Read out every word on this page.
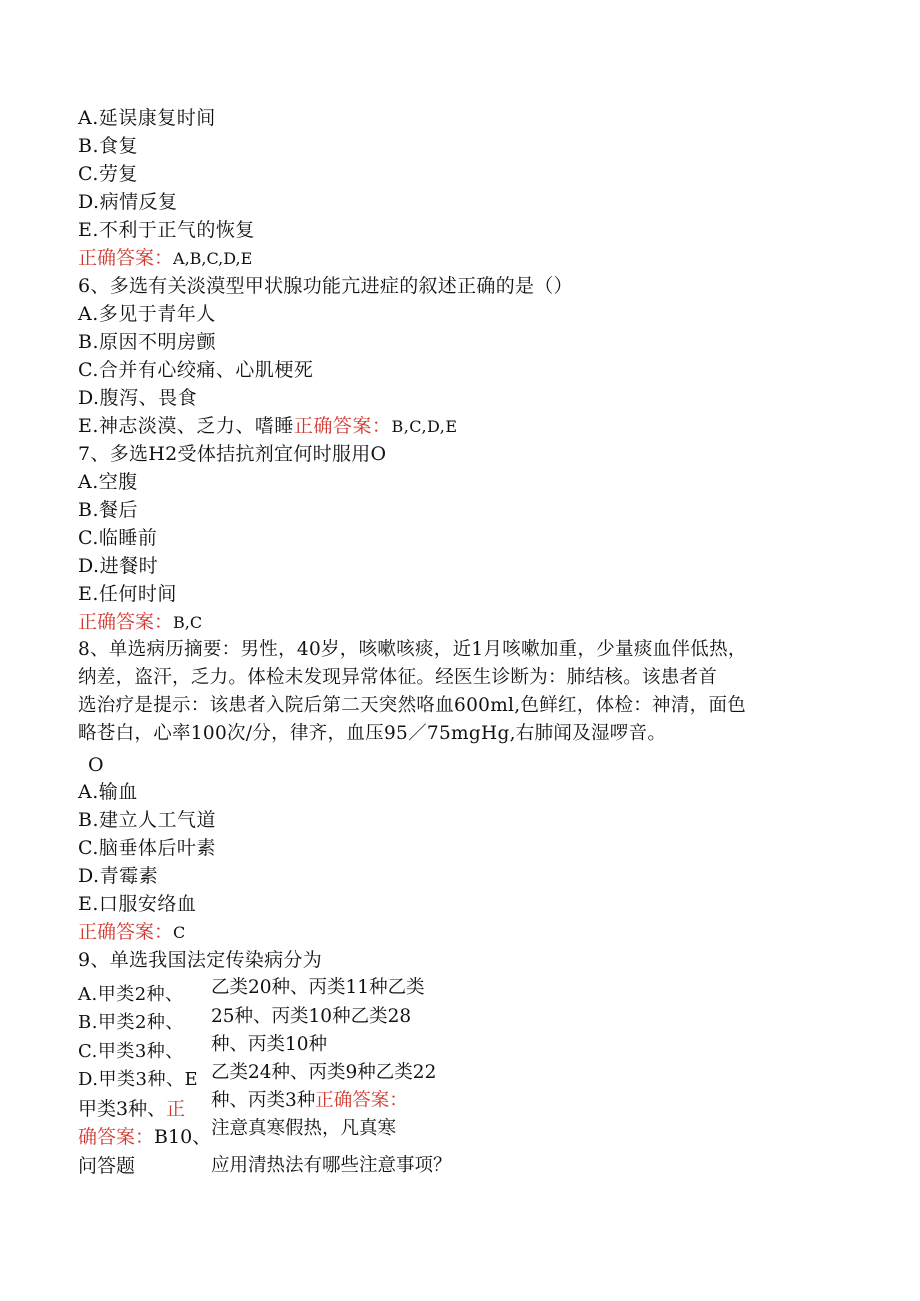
A.延误康复时间
B.食复
C.劳复
D.病情反复
E.不利于正气的恢复
正确答案：A,B,C,D,E
6、多选有关淡漠型甲状腺功能亢进症的叙述正确的是（）
A.多见于青年人
B.原因不明房颤
C.合并有心绞痛、心肌梗死
D.腹泻、畏食
E.神志淡漠、乏力、嗜睡正确答案：B,C,D,E
7、多选H2受体拮抗剂宜何时服用O
A.空腹
B.餐后
C.临睡前
D.进餐时
E.任何时间
正确答案：B,C
8、单选病历摘要：男性，40岁，咳嗽咳痰，近1月咳嗽加重，少量痰血伴低热，
纳差，盗汗，乏力。体检未发现异常体征。经医生诊断为：肺结核。该患者首
选治疗是提示：该患者入院后第二天突然咯血600ml,色鲜红，体检：神清，面色
略苍白，心率100次/分，律齐，血压95／75mgHg,右肺闻及湿啰音。
O
A.输血
B.建立人工气道
C.脑垂体后叶素
D.青霉素
E.口服安络血
正确答案：C
9、单选我国法定传染病分为
A.甲类2种、
B.甲类2种、
C.甲类3种、
D.甲类3种、E
甲类3种、正
确答案：B10、
问答题
乙类20种、丙类11种乙类
25种、丙类10种乙类28
种、丙类10种
乙类24种、丙类9种乙类22
种、丙类3种正确答案：
注意真寒假热，凡真寒
应用清热法有哪些注意事项？
